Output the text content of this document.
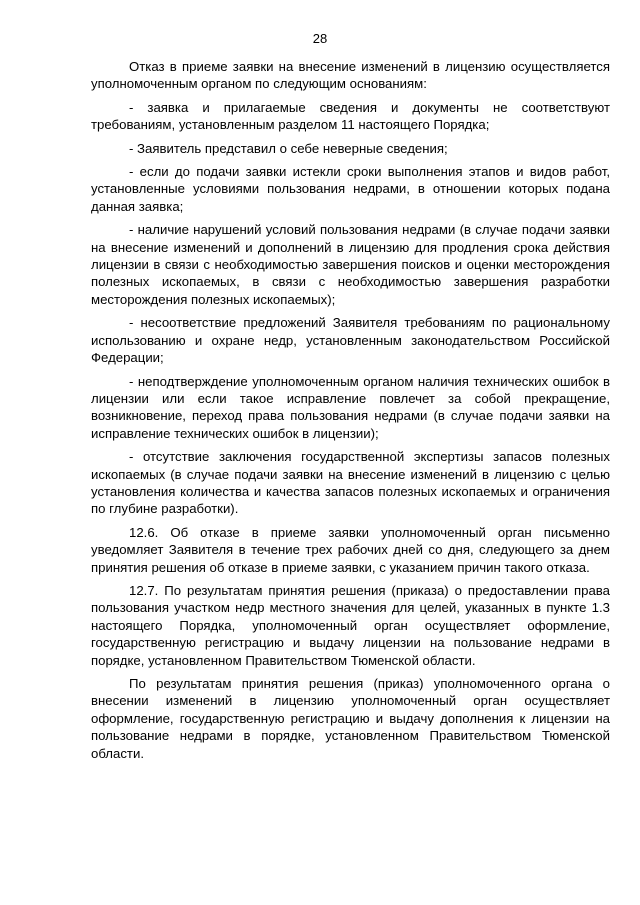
28

Отказ в приеме заявки на внесение изменений в лицензию осуществляется уполномоченным органом по следующим основаниям:

- заявка и прилагаемые сведения и документы не соответствуют требованиям, установленным разделом 11 настоящего Порядка;

- Заявитель представил о себе неверные сведения;

- если до подачи заявки истекли сроки выполнения этапов и видов работ, установленные условиями пользования недрами, в отношении которых подана данная заявка;

- наличие нарушений условий пользования недрами (в случае подачи заявки на внесение изменений и дополнений в лицензию для продления срока действия лицензии в связи с необходимостью завершения поисков и оценки месторождения полезных ископаемых, в связи с необходимостью завершения разработки месторождения полезных ископаемых);

- несоответствие предложений Заявителя требованиям по рациональному использованию и охране недр, установленным законодательством Российской Федерации;

- неподтверждение уполномоченным органом наличия технических ошибок в лицензии или если такое исправление повлечет за собой прекращение, возникновение, переход права пользования недрами (в случае подачи заявки на исправление технических ошибок в лицензии);

- отсутствие заключения государственной экспертизы запасов полезных ископаемых (в случае подачи заявки на внесение изменений в лицензию с целью установления количества и качества запасов полезных ископаемых и ограничения по глубине разработки).

12.6. Об отказе в приеме заявки уполномоченный орган письменно уведомляет Заявителя в течение трех рабочих дней со дня, следующего за днем принятия решения об отказе в приеме заявки, с указанием причин такого отказа.

12.7. По результатам принятия решения (приказа) о предоставлении права пользования участком недр местного значения для целей, указанных в пункте 1.3 настоящего Порядка, уполномоченный орган осуществляет оформление, государственную регистрацию и выдачу лицензии на пользование недрами в порядке, установленном Правительством Тюменской области.

По результатам принятия решения (приказ) уполномоченного органа о внесении изменений в лицензию уполномоченный орган осуществляет оформление, государственную регистрацию и выдачу дополнения к лицензии на пользование недрами в порядке, установленном Правительством Тюменской области.
